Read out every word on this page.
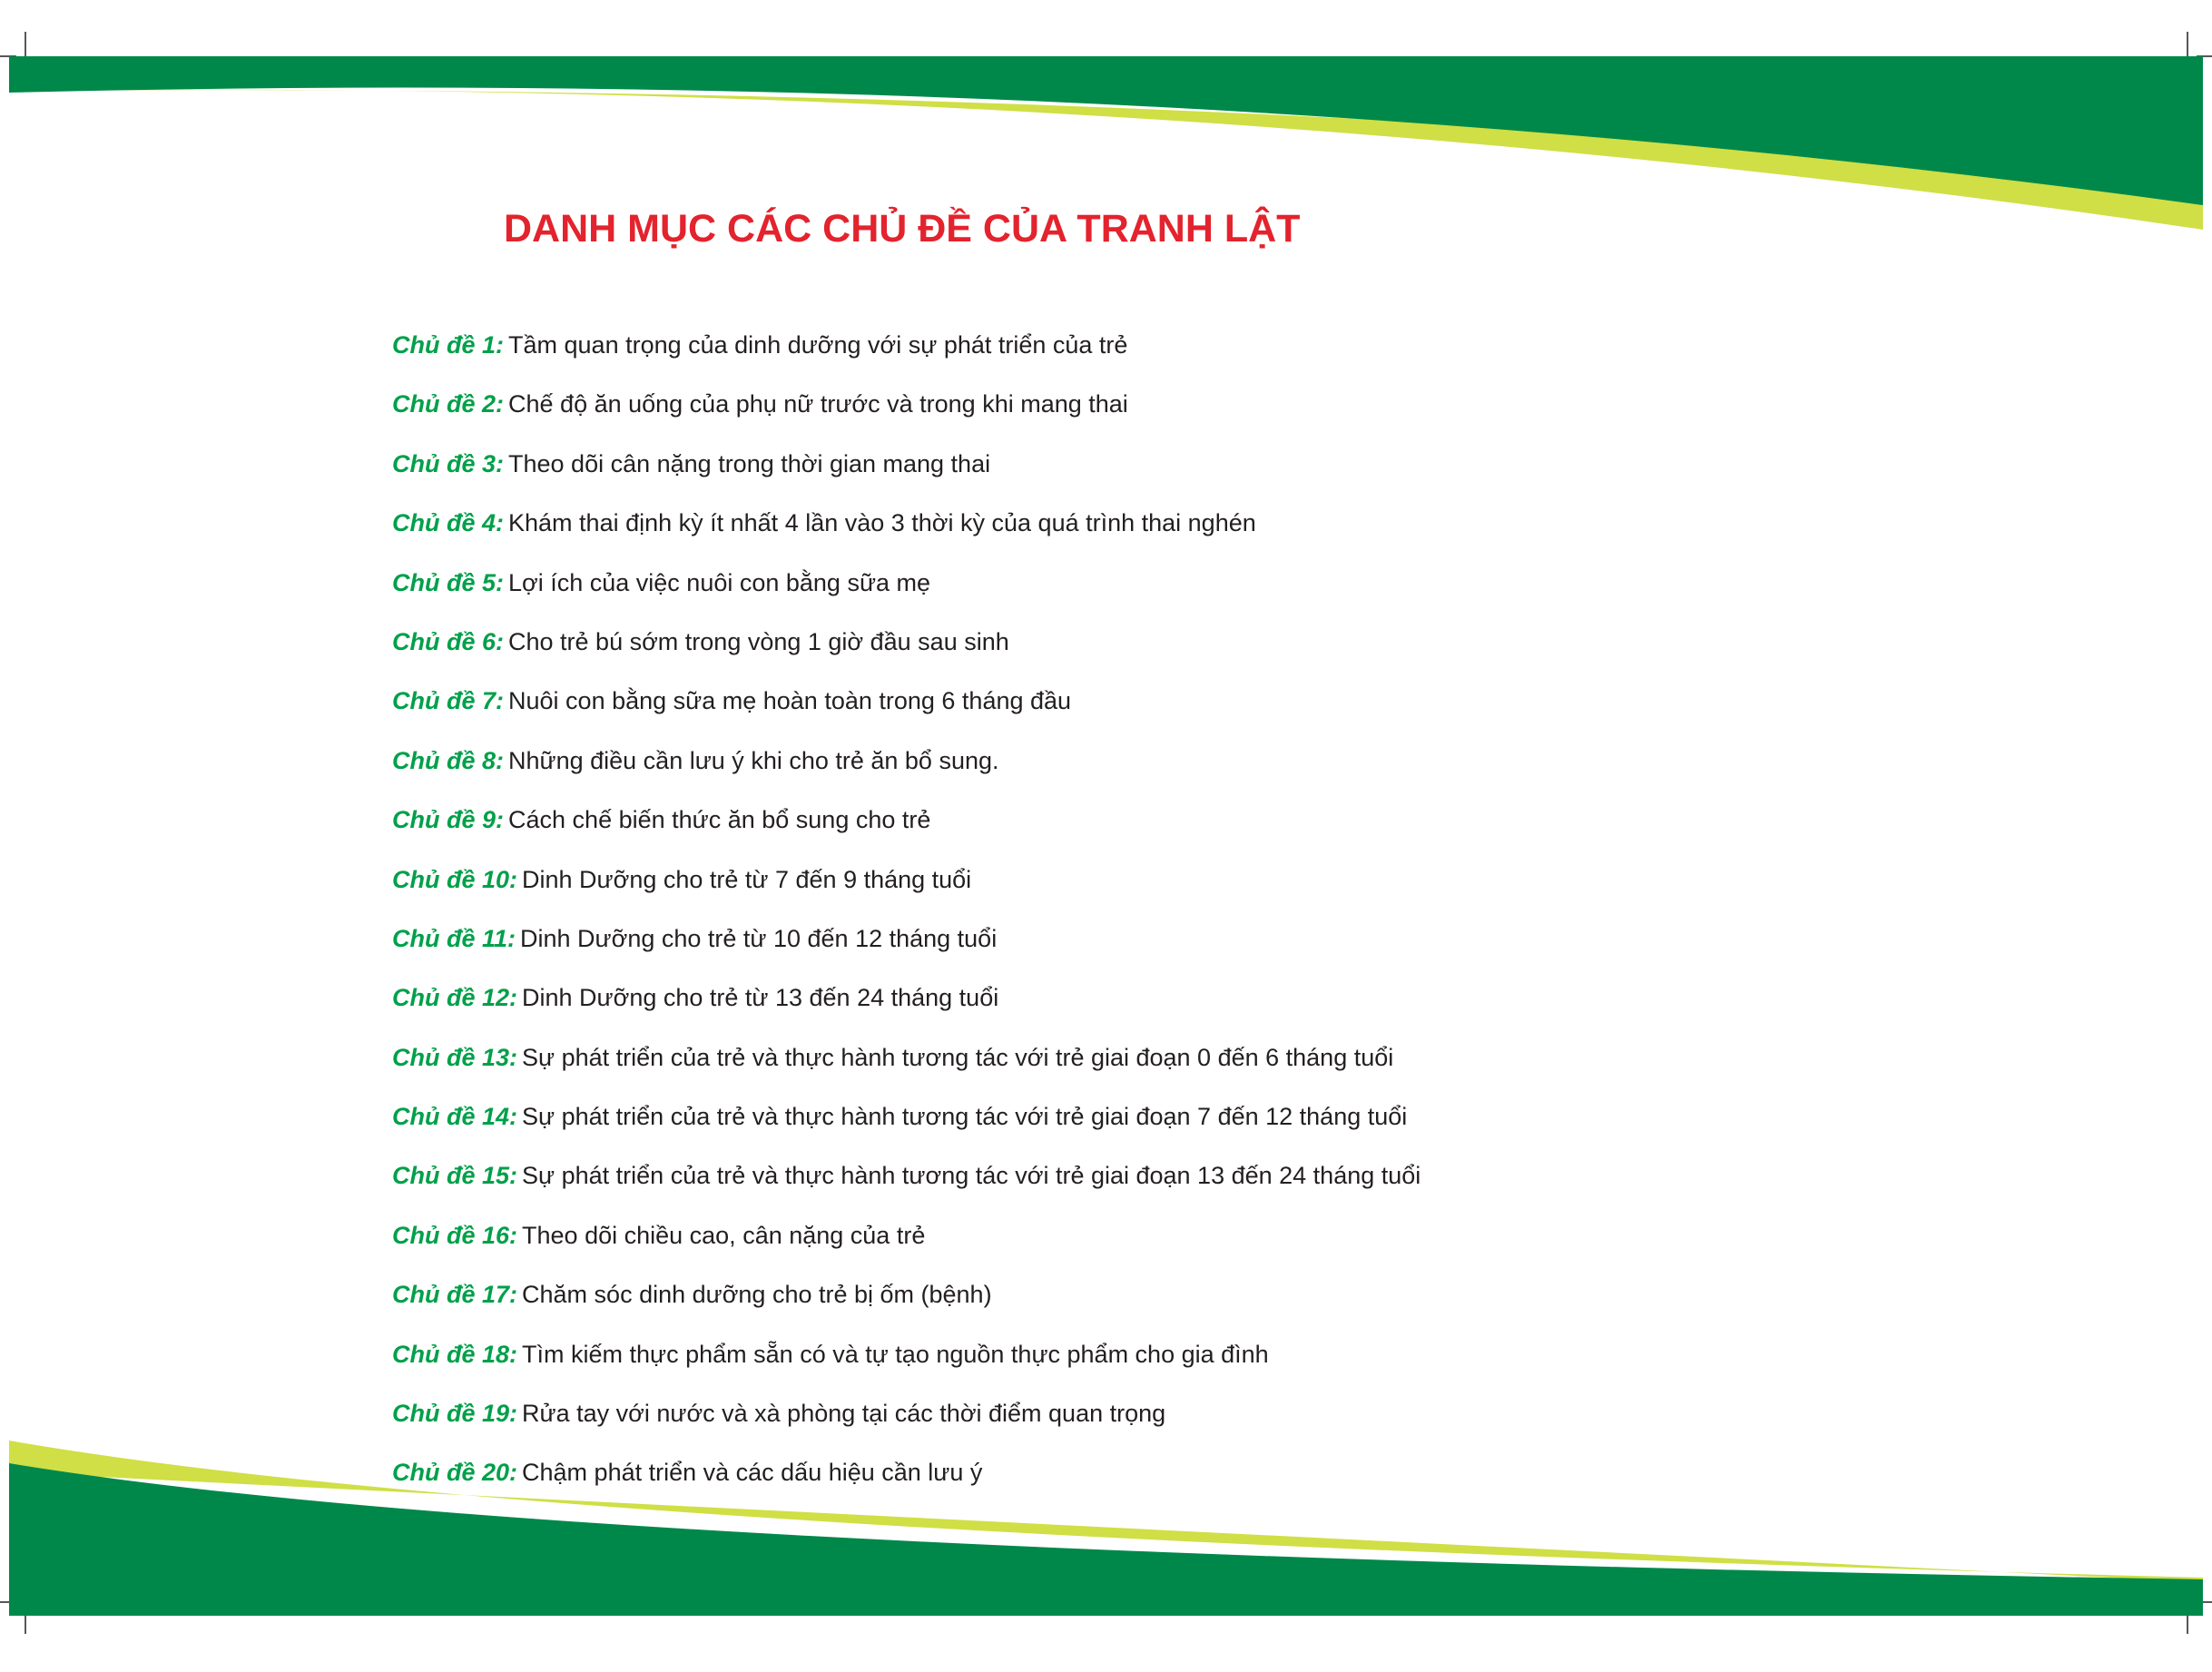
DANH MỤC CÁC CHỦ ĐỀ CỦA TRANH LẬT
Chủ đề 1: Tầm quan trọng của dinh dưỡng với sự phát triển của trẻ
Chủ đề 2: Chế độ ăn uống của phụ nữ trước và trong khi mang thai
Chủ đề 3: Theo dõi cân nặng trong thời gian mang thai
Chủ đề 4: Khám thai định kỳ ít nhất 4 lần vào 3 thời kỳ của quá trình thai nghén
Chủ đề 5: Lợi ích của việc nuôi con bằng sữa mẹ
Chủ đề 6: Cho trẻ bú sớm trong vòng 1 giờ đầu sau sinh
Chủ đề 7: Nuôi con bằng sữa mẹ hoàn toàn trong 6 tháng đầu
Chủ đề 8: Những điều cần lưu ý khi cho trẻ ăn bổ sung.
Chủ đề 9: Cách chế biến thức ăn bổ sung cho trẻ
Chủ đề 10: Dinh Dưỡng cho trẻ từ 7 đến 9 tháng tuổi
Chủ đề 11: Dinh Dưỡng cho trẻ từ 10 đến 12 tháng tuổi
Chủ đề 12: Dinh Dưỡng cho trẻ từ 13 đến 24 tháng tuổi
Chủ đề 13: Sự phát triển của trẻ và thực hành tương tác với trẻ giai đoạn 0 đến 6 tháng tuổi
Chủ đề 14: Sự phát triển của trẻ và thực hành tương tác với trẻ giai đoạn 7 đến 12 tháng tuổi
Chủ đề 15: Sự phát triển của trẻ và thực hành tương tác với trẻ giai đoạn 13 đến 24 tháng tuổi
Chủ đề 16: Theo dõi chiều cao, cân nặng của trẻ
Chủ đề 17: Chăm sóc dinh dưỡng cho trẻ bị ốm (bệnh)
Chủ đề 18: Tìm kiếm thực phẩm sẵn có và tự tạo nguồn thực phẩm cho gia đình
Chủ đề 19: Rửa tay với nước và xà phòng tại các thời điểm quan trọng
Chủ đề 20: Chậm phát triển và các dấu hiệu cần lưu ý
